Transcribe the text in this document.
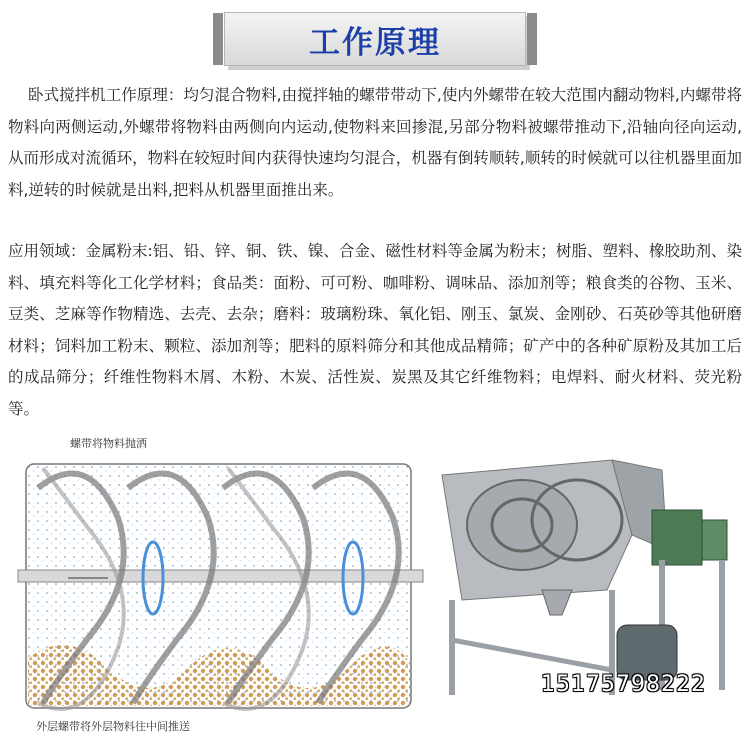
工作原理
卧式搅拌机工作原理：均匀混合物料,由搅拌轴的螺带带动下,使内外螺带在较大范围内翻动物料,内螺带将物料向两侧运动,外螺带将物料由两侧向内运动,使物料来回掺混,另部分物料被螺带推动下,沿轴向径向运动,从而形成对流循环，物料在较短时间内获得快速均匀混合，机器有倒转顺转,顺转的时候就可以往机器里面加料,逆转的时候就是出料,把料从机器里面推出来。
应用领域：金属粉末:铝、铅、锌、铜、铁、镍、合金、磁性材料等金属为粉末；树脂、塑料、橡胶助剂、染料、填充料等化工化学材料；食品类：面粉、可可粉、咖啡粉、调味品、添加剂等；粮食类的谷物、玉米、豆类、芝麻等作物精选、去壳、去杂；磨料：玻璃粉珠、氧化铝、刚玉、氯炭、金刚砂、石英砂等其他研磨材料；饲料加工粉末、颗粒、添加剂等；肥料的原料筛分和其他成品精筛；矿产中的各种矿原粉及其加工后的成品筛分；纤维性物料木屑、木粉、木炭、活性炭、炭黑及其它纤维物料；电焊料、耐火材料、荧光粉等。
螺带将物料抛洒
外层螺带将外层物料往中间推送
15175798222
